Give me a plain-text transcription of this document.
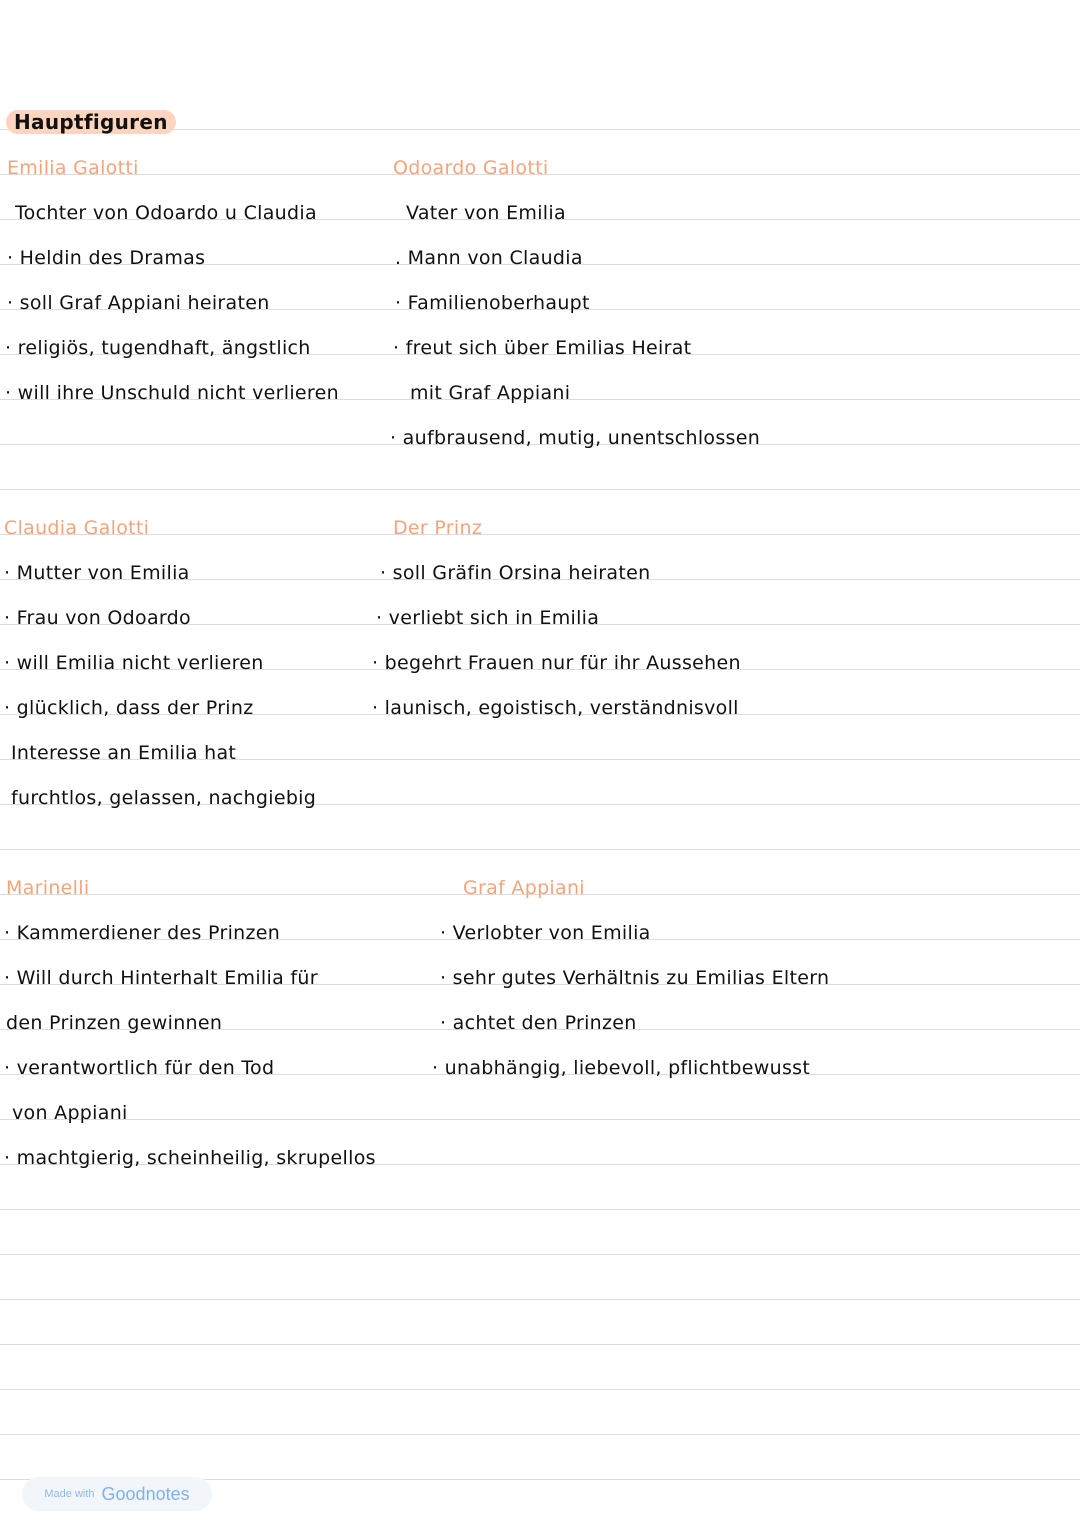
Hauptfiguren
Emilia Galotti
Tochter von Odoardo u Claudia
· Heldin des Dramas
· soll Graf Appiani heiraten
· religiös, tugendhaft, ängstlich
· will ihre Unschuld nicht verlieren
Odoardo Galotti
Vater von Emilia
. Mann von Claudia
· Familienoberhaupt
· freut sich über Emilias Heirat
mit Graf Appiani
· aufbrausend, mutig, unentschlossen
Claudia Galotti
· Mutter von Emilia
· Frau von Odoardo
· will Emilia nicht verlieren
· glücklich, dass der Prinz
Interesse an Emilia hat
furchtlos, gelassen, nachgiebig
Der Prinz
· soll Gräfin Orsina heiraten
· verliebt sich in Emilia
· begehrt Frauen nur für ihr Aussehen
· launisch, egoistisch, verständnisvoll
Marinelli
· Kammerdiener des Prinzen
· Will durch Hinterhalt Emilia für
den Prinzen gewinnen
· verantwortlich für den Tod
von Appiani
· machtgierig, scheinheilig, skrupellos
Graf Appiani
· Verlobter von Emilia
· sehr gutes Verhältnis zu Emilias Eltern
· achtet den Prinzen
· unabhängig, liebevoll, pflichtbewusst
Made with Goodnotes
